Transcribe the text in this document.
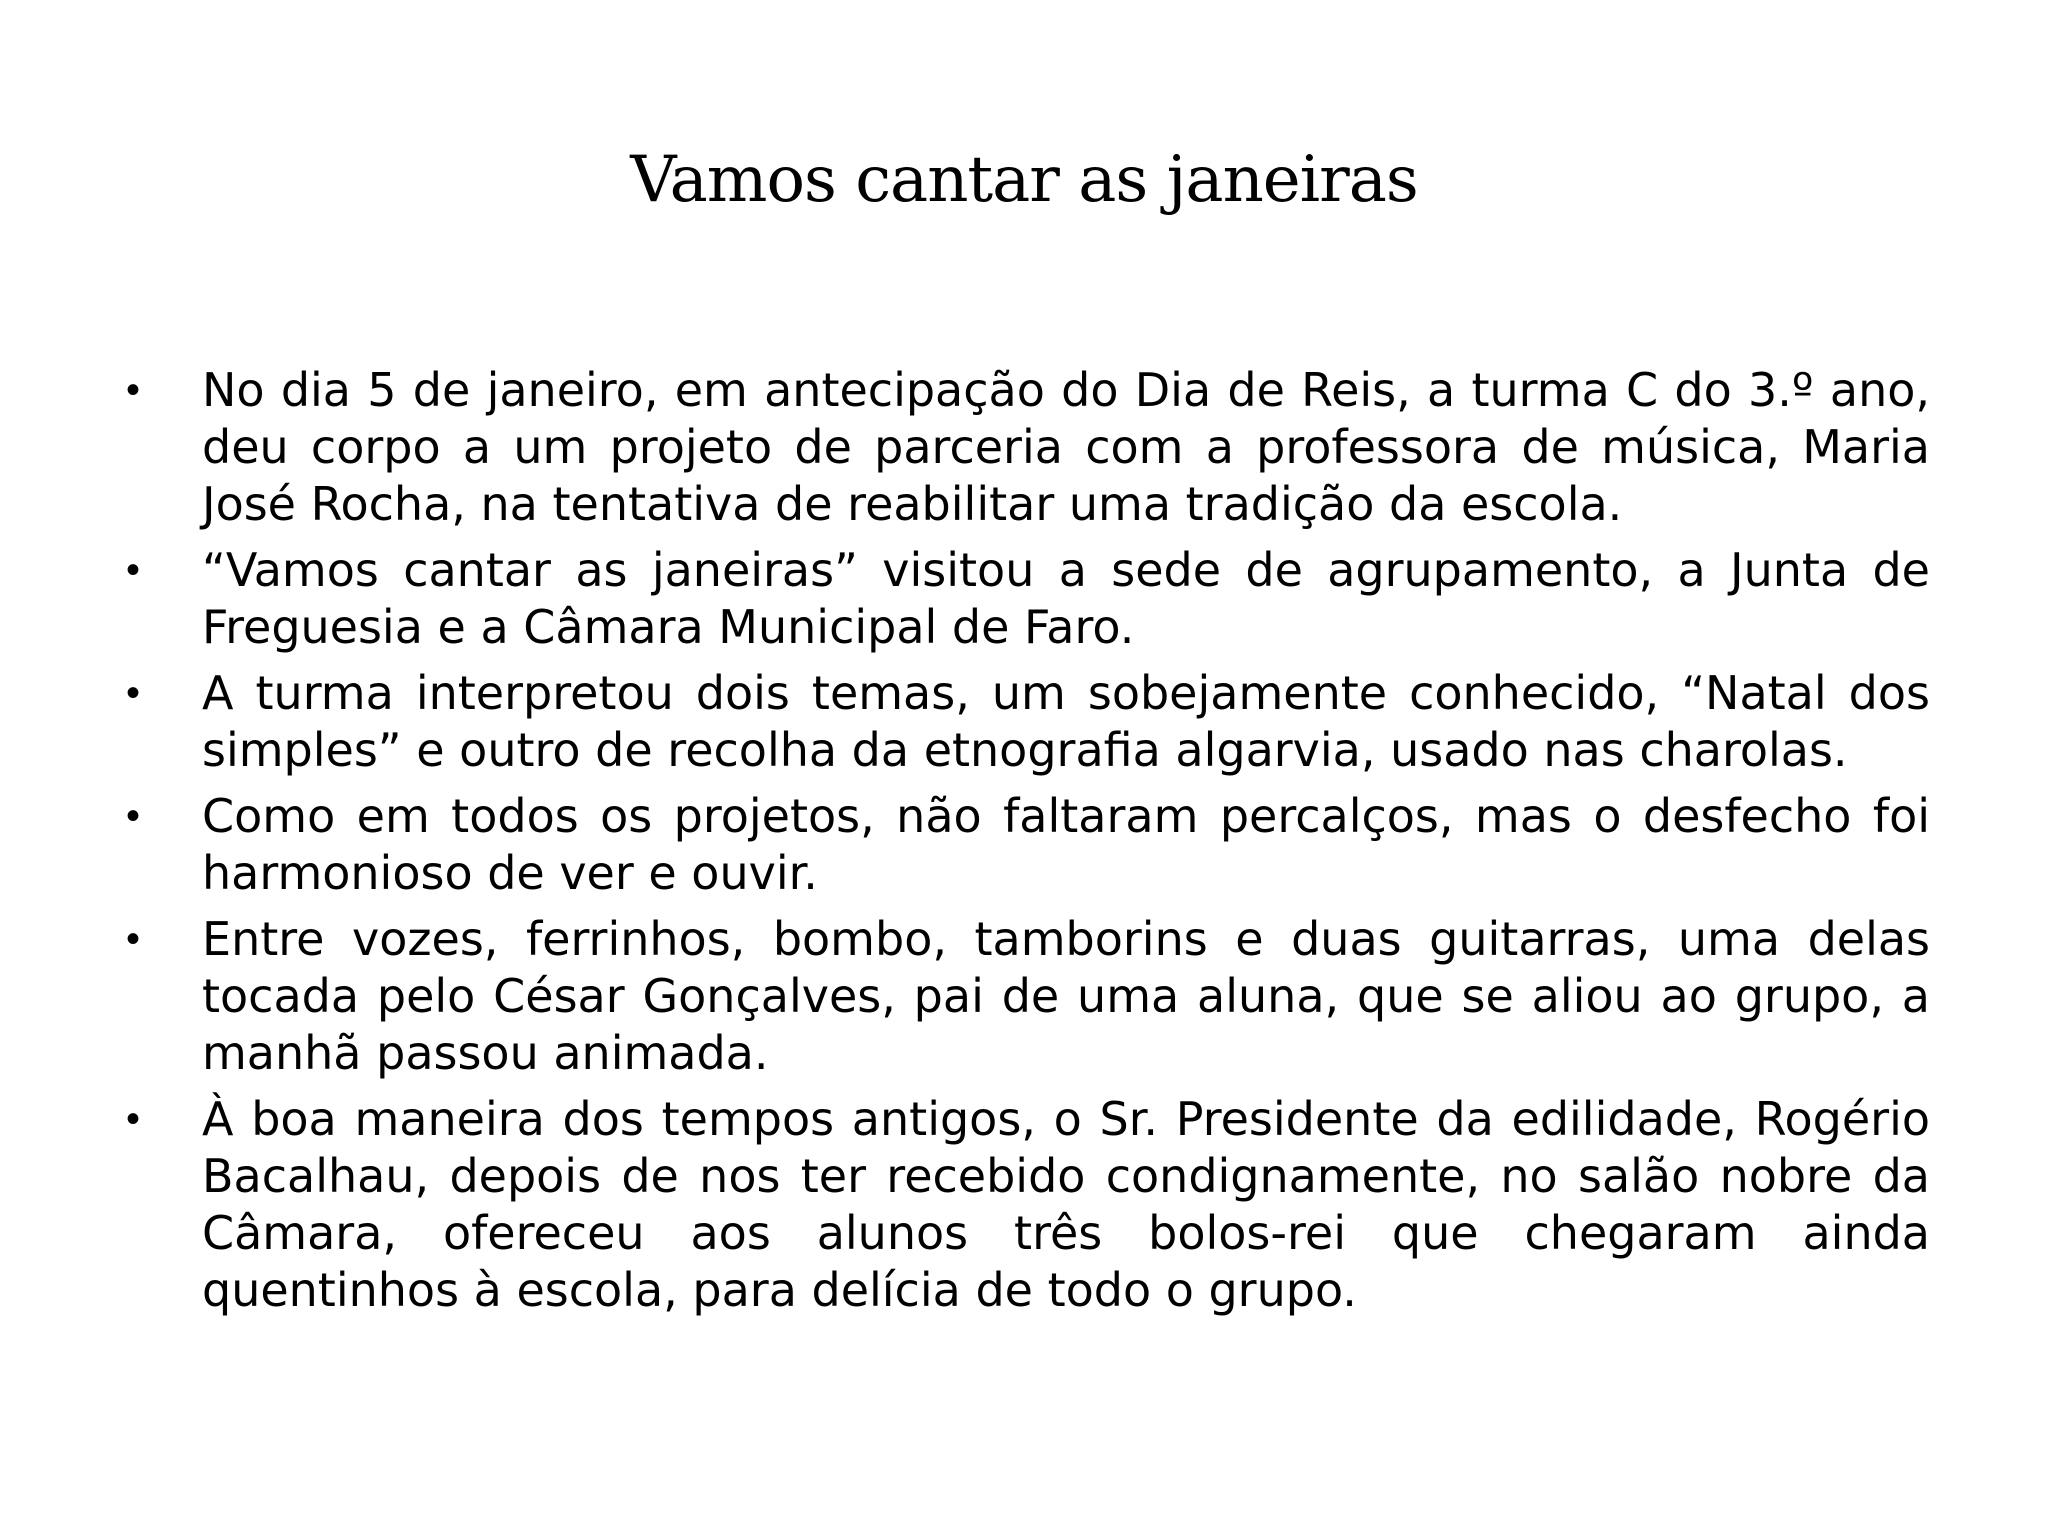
Vamos cantar as janeiras
• No dia 5 de janeiro, em antecipação do Dia de Reis, a turma C do 3.º ano, deu corpo a um projeto de parceria com a professora de música, Maria José Rocha, na tentativa de reabilitar uma tradição da escola.
• “Vamos cantar as janeiras” visitou a sede de agrupamento, a Junta de Freguesia e a Câmara Municipal de Faro.
• A turma interpretou dois temas, um sobejamente conhecido, “Natal dos simples” e outro de recolha da etnografia algarvia, usado nas charolas.
• Como em todos os projetos, não faltaram percalços, mas o desfecho foi harmonioso de ver e ouvir.
• Entre vozes, ferrinhos, bombo, tamborins e duas guitarras, uma delas tocada pelo César Gonçalves, pai de uma aluna, que se aliou ao grupo, a manhã passou animada.
• À boa maneira dos tempos antigos, o Sr. Presidente da edilidade, Rogério Bacalhau, depois de nos ter recebido condignamente, no salão nobre da Câmara, ofereceu aos alunos três bolos-rei que chegaram ainda quentinhos à escola, para delícia de todo o grupo.
